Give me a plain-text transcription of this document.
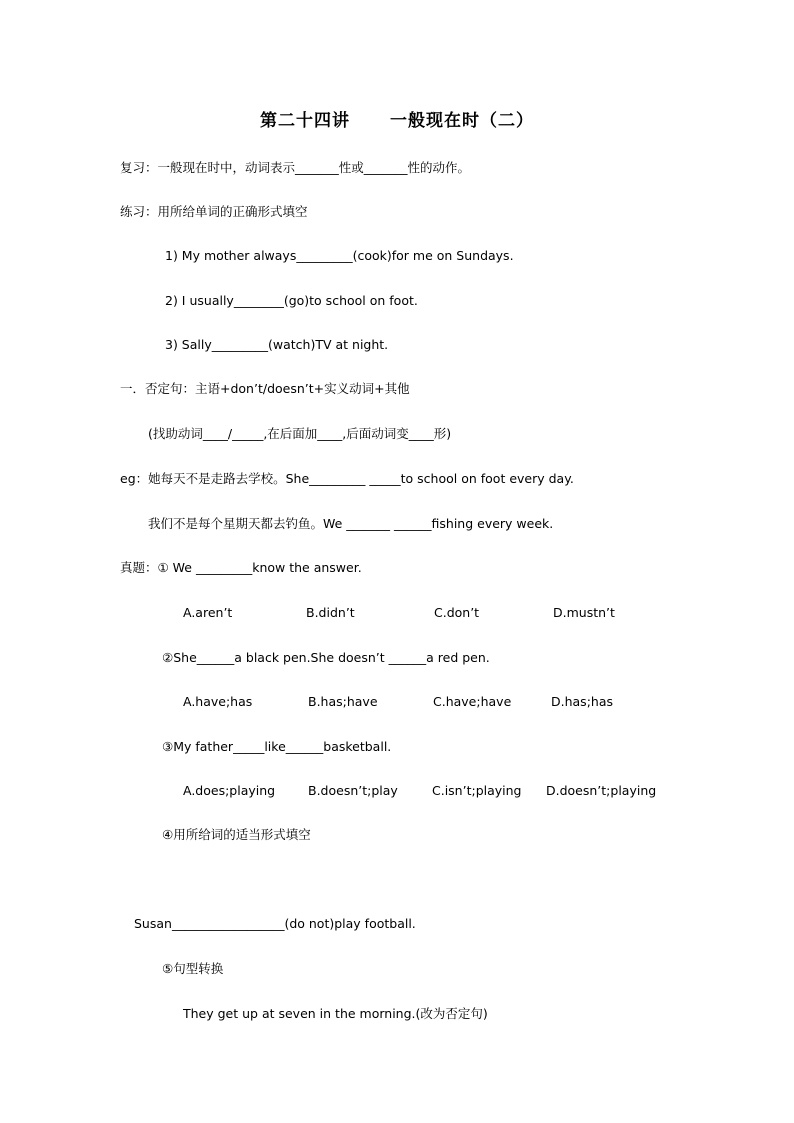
第二十四讲 一般现在时（二）
复习：一般现在时中，动词表示_______性或_______性的动作。
练习：用所给单词的正确形式填空
1) My mother always_________(cook)for me on Sundays.
2) I usually________(go)to school on foot.
3) Sally_________(watch)TV at night.
一．否定句：主语+don’t/doesn’t+实义动词+其他
(找助动词____/_____,在后面加____,后面动词变____形)
eg：她每天不是走路去学校。She_________ _____to school on foot every day.
我们不是每个星期天都去钓鱼。We _______ ______fishing every week.
真题：① We _________know the answer.
A.aren’t	B.didn’t	C.don’t	D.mustn’t
②She______a black pen.She doesn’t ______a red pen.
A.have;has	B.has;have	C.have;have	D.has;has
③My father_____like______basketball.
A.does;playing	B.doesn’t;play	C.isn’t;playing D.doesn’t;playing
④用所给词的适当形式填空
Susan__________________(do not)play football.
⑤句型转换
They get up at seven in the morning.(改为否定句)
